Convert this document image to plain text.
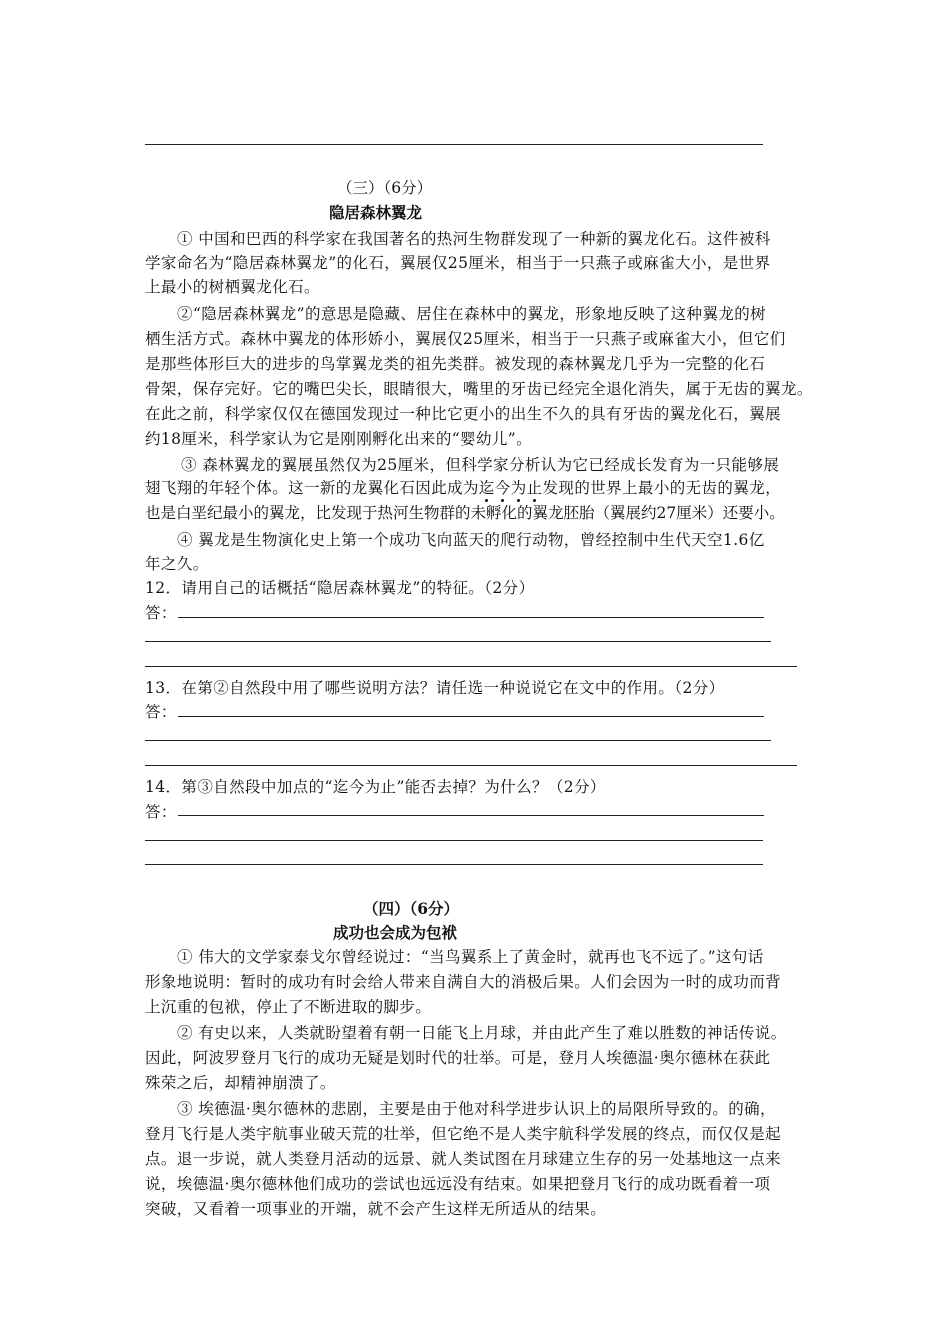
（三）（6分）
隐居森林翼龙
① 中国和巴西的科学家在我国著名的热河生物群发现了一种新的翼龙化石。这件被科
学家命名为“隐居森林翼龙”的化石，翼展仅25厘米，相当于一只燕子或麻雀大小，是世界
上最小的树栖翼龙化石。
②“隐居森林翼龙”的意思是隐藏、居住在森林中的翼龙，形象地反映了这种翼龙的树
栖生活方式。森林中翼龙的体形娇小，翼展仅25厘米，相当于一只燕子或麻雀大小，但它们
是那些体形巨大的进步的鸟掌翼龙类的祖先类群。被发现的森林翼龙几乎为一完整的化石
骨架，保存完好。它的嘴巴尖长，眼睛很大，嘴里的牙齿已经完全退化消失，属于无齿的翼龙。
在此之前，科学家仅仅在德国发现过一种比它更小的出生不久的具有牙齿的翼龙化石，翼展
约18厘米，科学家认为它是刚刚孵化出来的“婴幼儿”。
③ 森林翼龙的翼展虽然仅为25厘米，但科学家分析认为它已经成长发育为一只能够展
翅飞翔的年轻个体。这一新的龙翼化石因此成为迄今为止
发现的世界上最小的无齿的翼龙，
也是白垩纪最小的翼龙，比发现于热河生物群的未孵化的翼龙胚胎（翼展约27厘米）还要小。
④ 翼龙是生物演化史上第一个成功飞向蓝天的爬行动物，曾经控制中生代天空1.6亿
年之久。
12．请用自己的话概括“隐居森林翼龙”的特征。（2分）
答：
13．在第②自然段中用了哪些说明方法？请任选一种说说它在文中的作用。（2分）
答：
14．第③自然段中加点的“迄今为止”能否去掉？为什么？（2分）
答：
（四）（6分）
成功也会成为包袱
① 伟大的文学家泰戈尔曾经说过：“当鸟翼系上了黄金时，就再也飞不远了。”这句话
形象地说明：暂时的成功有时会给人带来自满自大的消极后果。人们会因为一时的成功而背
上沉重的包袱，停止了不断进取的脚步。
② 有史以来，人类就盼望着有朝一日能飞上月球，并由此产生了难以胜数的神话传说。
因此，阿波罗登月飞行的成功无疑是划时代的壮举。可是，登月人埃德温·奥尔德林在获此
殊荣之后，却精神崩溃了。
③ 埃德温·奥尔德林的悲剧，主要是由于他对科学进步认识上的局限所导致的。的确，
登月飞行是人类宇航事业破天荒的壮举，但它绝不是人类宇航科学发展的终点，而仅仅是起
点。退一步说，就人类登月活动的远景、就人类试图在月球建立生存的另一处基地这一点来
说，埃德温·奥尔德林他们成功的尝试也远远没有结束。如果把登月飞行的成功既看着一项
突破，又看着一项事业的开端，就不会产生这样无所适从的结果。
